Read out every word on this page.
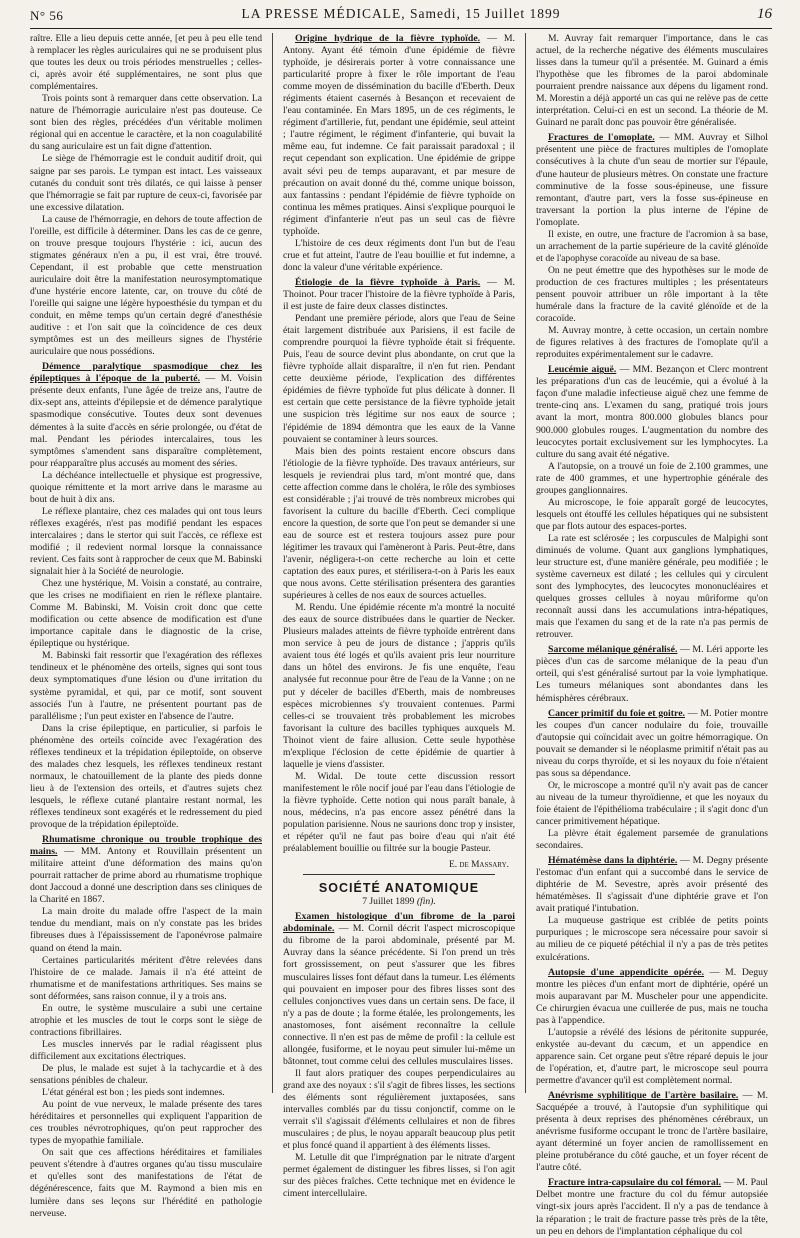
N° 56	LA PRESSE MÉDICALE, Samedi, 15 Juillet 1899	16

raître. Elle a lieu depuis cette année, [et peu à peu elle tend à remplacer les règles auriculaires qui ne se produisent plus que toutes les deux ou trois périodes menstruelles ; celles-ci, après avoir été supplémentaires, ne sont plus que complémentaires.

Trois points sont à remarquer dans cette observation. La nature de l'hémorragie auriculaire n'est pas douteuse. Ce sont bien des règles, précédées d'un véritable molimen régional qui en accentue le caractère, et la non coagulabilité du sang auriculaire est un fait digne d'attention.

Le siège de l'hémorragie est le conduit auditif droit, qui saigne par ses parois. Le tympan est intact. Les vaisseaux cutanés du conduit sont très dilatés, ce qui laisse à penser que l'hémorragie se fait par rupture de ceux-ci, favorisée par une excessive dilatation.

La cause de l'hémorragie, en dehors de toute affection de l'oreille, est difficile à déterminer. Dans les cas de ce genre, on trouve presque toujours l'hystérie : ici, aucun des stigmates généraux n'en a pu, il est vrai, être trouvé. Cependant, il est probable que cette menstruation auriculaire doit être la manifestation neurosymptomatique d'une hystérie encore latente, car, on trouve du côté de l'oreille qui saigne une légère hypoesthésie du tympan et du conduit, en même temps qu'un certain degré d'anesthésie auditive : et l'on sait que la coïncidence de ces deux symptômes est un des meilleurs signes de l'hystérie auriculaire que nous possédions.

Démence paralytique spasmodique chez les épileptiques à l'époque de la puberté. — M. Voisin présente deux enfants, l'une âgée de treize ans, l'autre de dix-sept ans, atteints d'épilepsie et de démence paralytique spasmodique consécutive. Toutes deux sont devenues démentes à la suite d'accès en série prolongée, ou d'état de mal. Pendant les périodes intercalaires, tous les symptômes s'amendent sans disparaître complètement, pour réapparaître plus accusés au moment des séries.

La déchéance intellectuelle et physique est progressive, quoique rémittente et la mort arrive dans le marasme au bout de huit à dix ans.

Le réflexe plantaire, chez ces malades qui ont tous leurs réflexes exagérés, n'est pas modifié pendant les espaces intercalaires ; dans le stertor qui suit l'accès, ce réflexe est modifié ; il redevient normal lorsque la connaissance revient. Ces faits sont à rapprocher de ceux que M. Babinski signalait hier à la Société de neurologie.

Chez une hystérique, M. Voisin a constaté, au contraire, que les crises ne modifiaient en rien le réflexe plantaire. Comme M. Babinski, M. Voisin croit donc que cette modification ou cette absence de modification est d'une importance capitale dans le diagnostic de la crise, épileptique ou hystérique.

M. Babinski fait ressortir que l'exagération des réflexes tendineux et le phénomène des orteils, signes qui sont tous deux symptomatiques d'une lésion ou d'une irritation du système pyramidal, et qui, par ce motif, sont souvent associés l'un à l'autre, ne présentent pourtant pas de parallélisme ; l'un peut exister en l'absence de l'autre.

Dans la crise épileptique, en particulier, si parfois le phénomène des orteils coïncide avec l'exagération des réflexes tendineux et la trépidation épileptoïde, on observe des malades chez lesquels, les réflexes tendineux restant normaux, le chatouillement de la plante des pieds donne lieu à de l'extension des orteils, et d'autres sujets chez lesquels, le réflexe cutané plantaire restant normal, les réflexes tendineux sont exagérés et le redressement du pied provoque de la trépidation épileptoïde.

Rhumatisme chronique ou trouble trophique des mains. — MM. Antony et Rouvillain présentent un militaire atteint d'une déformation des mains qu'on pourrait rattacher de prime abord au rhumatisme trophique dont Jaccoud a donné une description dans ses cliniques de la Charité en 1867.

La main droite du malade offre l'aspect de la main tendue du mendiant, mais on n'y constate pas les brides fibreuses dues à l'épaississement de l'aponévrose palmaire quand on étend la main.

Certaines particularités méritent d'être relevées dans l'histoire de ce malade. Jamais il n'a été atteint de rhumatisme et de manifestations arthritiques. Ses mains se sont déformées, sans raison connue, il y a trois ans.

En outre, le système musculaire a subi une certaine atrophie et les muscles de tout le corps sont le siège de contractions fibrillaires.

Les muscles innervés par le radial réagissent plus difficilement aux excitations électriques.

De plus, le malade est sujet à la tachycardie et à des sensations pénibles de chaleur.

L'état général est bon ; les pieds sont indemnes.

Au point de vue nerveux, le malade présente des tares héréditaires et personnelles qui expliquent l'apparition de ces troubles névrotrophiques, qu'on peut rapprocher des types de myopathie familiale.

On sait que ces affections héréditaires et familiales peuvent s'étendre à d'autres organes qu'au tissu musculaire et qu'elles sont des manifestations de l'état de dégénérescence, faits que M. Raymond a bien mis en lumière dans ses leçons sur l'hérédité en pathologie nerveuse.

Origine hydrique de la fièvre typhoïde. — M. Antony. Ayant été témoin d'une épidémie de fièvre typhoïde, je désirerais porter à votre connaissance une particularité propre à fixer le rôle important de l'eau comme moyen de dissémination du bacille d'Eberth. Deux régiments étaient casernés à Besançon et recevaient de l'eau contaminée. En Mars 1895, un de ces régiments, le régiment d'artillerie, fut, pendant une épidémie, seul atteint ; l'autre régiment, le régiment d'infanterie, qui buvait la même eau, fut indemne. Ce fait paraissait paradoxal ; il reçut cependant son explication. Une épidémie de grippe avait sévi peu de temps auparavant, et par mesure de précaution on avait donné du thé, comme unique boisson, aux fantassins : pendant l'épidémie de fièvre typhoïde on continua les mêmes pratiques. Ainsi s'explique pourquoi le régiment d'infanterie n'eut pas un seul cas de fièvre typhoïde.

L'histoire de ces deux régiments dont l'un but de l'eau crue et fut atteint, l'autre de l'eau bouillie et fut indemne, a donc la valeur d'une véritable expérience.

Étiologie de la fièvre typhoïde à Paris. — M. Thoinot. Pour tracer l'histoire de la fièvre typhoïde à Paris, il est juste de faire deux classes distinctes.

Pendant une première période, alors que l'eau de Seine était largement distribuée aux Parisiens, il est facile de comprendre pourquoi la fièvre typhoïde était si fréquente. Puis, l'eau de source devint plus abondante, on crut que la fièvre typhoïde allait disparaître, il n'en fut rien. Pendant cette deuxième période, l'explication des différentes épidémies de fièvre typhoïde fut plus délicate à donner. Il est certain que cette persistance de la fièvre typhoïde jetait une suspicion très légitime sur nos eaux de source ; l'épidémie de 1894 démontra que les eaux de la Vanne pouvaient se contaminer à leurs sources.

Mais bien des points restaient encore obscurs dans l'étiologie de la fièvre typhoïde. Des travaux antérieurs, sur lesquels je reviendrai plus tard, m'ont montré que, dans cette affection comme dans le choléra, le rôle des symbioses est considérable ; j'ai trouvé de très nombreux microbes qui favorisent la culture du bacille d'Eberth. Ceci complique encore la question, de sorte que l'on peut se demander si une eau de source est et restera toujours assez pure pour légitimer les travaux qui l'amèneront à Paris. Peut-être, dans l'avenir, négligera-t-on cette recherche au loin et cette captation des eaux pures, et stérilisera-t-on à Paris les eaux que nous avons. Cette stérilisation présentera des garanties supérieures à celles de nos eaux de sources actuelles.

M. Rendu. Une épidémie récente m'a montré la nocuité des eaux de source distribuées dans le quartier de Necker. Plusieurs malades atteints de fièvre typhoïde entrèrent dans mon service à peu de jours de distance ; j'appris qu'ils avaient tous été logés et qu'ils avaient pris leur nourriture dans un hôtel des environs. Je fis une enquête, l'eau analysée fut reconnue pour être de l'eau de la Vanne ; on ne put y déceler de bacilles d'Eberth, mais de nombreuses espèces microbiennes s'y trouvaient contenues. Parmi celles-ci se trouvaient très probablement les microbes favorisant la culture des bacilles typhiques auxquels M. Thoinot vient de faire allusion. Cette seule hypothèse m'explique l'éclosion de cette épidémie de quartier à laquelle je viens d'assister.

M. Widal. De toute cette discussion ressort manifestement le rôle nocif joué par l'eau dans l'étiologie de la fièvre typhoïde. Cette notion qui nous paraît banale, à nous, médecins, n'a pas encore assez pénétré dans la population parisienne. Nous ne saurions donc trop y insister, et répéter qu'il ne faut pas boire d'eau qui n'ait été préalablement bouillie ou filtrée sur la bougie Pasteur.

E. de Massary.
SOCIÉTÉ ANATOMIQUE
7 Juillet 1899 (fin).
Examen histologique d'un fibrome de la paroi abdominale. — M. Cornil décrit l'aspect microscopique du fibrome de la paroi abdominale, présenté par M. Auvray dans la séance précédente. Si l'on prend un très fort grossissement, on peut s'assurer que les fibres musculaires lisses font défaut dans la tumeur. Les éléments qui pouvaient en imposer pour des fibres lisses sont des cellules conjonctives vues dans un certain sens. De face, il n'y a pas de doute ; la forme étalée, les prolongements, les anastomoses, font aisément reconnaître la cellule connective. Il n'en est pas de même de profil : la cellule est allongée, fusiforme, et le noyau peut simuler lui-même un bâtonnet, tout comme celui des cellules musculaires lisses.

Il faut alors pratiquer des coupes perpendiculaires au grand axe des noyaux : s'il s'agit de fibres lisses, les sections des éléments sont régulièrement juxtaposées, sans intervalles comblés par du tissu conjonctif, comme on le verrait s'il s'agissait d'éléments cellulaires et non de fibres musculaires ; de plus, le noyau apparaît beaucoup plus petit et plus foncé quand il appartient à des éléments lisses.

M. Letulle dit que l'imprégnation par le nitrate d'argent permet également de distinguer les fibres lisses, si l'on agit sur des pièces fraîches. Cette technique met en évidence le ciment intercellulaire.

M. Auvray fait remarquer l'importance, dans le cas actuel, de la recherche négative des éléments musculaires lisses dans la tumeur qu'il a présentée. M. Guinard a émis l'hypothèse que les fibromes de la paroi abdominale pourraient prendre naissance aux dépens du ligament rond. M. Morestin a déjà apporté un cas qui ne relève pas de cette interprétation. Celui-ci en est un second. La théorie de M. Guinard ne paraît donc pas pouvoir être généralisée.

Fractures de l'omoplate. — MM. Auvray et Silhol présentent une pièce de fractures multiples de l'omoplate consécutives à la chute d'un seau de mortier sur l'épaule, d'une hauteur de plusieurs mètres. On constate une fracture comminutive de la fosse sous-épineuse, une fissure remontant, d'autre part, vers la fosse sus-épineuse en traversant la portion la plus interne de l'épine de l'omoplate.

Il existe, en outre, une fracture de l'acromion à sa base, un arrachement de la partie supérieure de la cavité glénoïde et de l'apophyse coracoïde au niveau de sa base.

On ne peut émettre que des hypothèses sur le mode de production de ces fractures multiples ; les présentateurs pensent pouvoir attribuer un rôle important à la tête humérale dans la fracture de la cavité glénoïde et de la coracoïde.

M. Auvray montre, à cette occasion, un certain nombre de figures relatives à des fractures de l'omoplate qu'il a reproduites expérimentalement sur le cadavre.

Leucémie aiguë. — MM. Bezançon et Clerc montrent les préparations d'un cas de leucémie, qui a évolué à la façon d'une maladie infectieuse aiguë chez une femme de trente-cinq ans. L'examen du sang, pratiqué trois jours avant la mort, montra 800.000 globules blancs pour 900.000 globules rouges. L'augmentation du nombre des leucocytes portait exclusivement sur les lymphocytes. La culture du sang avait été négative.

A l'autopsie, on a trouvé un foie de 2.100 grammes, une rate de 400 grammes, et une hypertrophie générale des groupes ganglionnaires.

Au microscope, le foie apparaît gorgé de leucocytes, lesquels ont étouffé les cellules hépatiques qui ne subsistent que par flots autour des espaces-portes.

La rate est sclérosée ; les corpuscules de Malpighi sont diminués de volume. Quant aux ganglions lymphatiques, leur structure est, d'une manière générale, peu modifiée ; le système caverneux est dilaté ; les cellules qui y circulent sont des lymphocytes, des leucocytes mononucléaires et quelques grosses cellules à noyau mûriforme qu'on reconnaît aussi dans les accumulations intra-hépatiques, mais que l'examen du sang et de la rate n'a pas permis de retrouver.

Sarcome mélanique généralisé. — M. Léri apporte les pièces d'un cas de sarcome mélanique de la peau d'un orteil, qui s'est généralisé surtout par la voie lymphatique. Les tumeurs mélaniques sont abondantes dans les hémisphères cérébraux.
Cancer primitif du foie et goitre. — M. Potier montre les coupes d'un cancer nodulaire du foie, trouvaille d'autopsie qui coïncidait avec un goitre hémorragique. On pouvait se demander si le néoplasme primitif n'était pas au niveau du corps thyroïde, et si les noyaux du foie n'étaient pas sous sa dépendance.

Or, le microscope a montré qu'il n'y avait pas de cancer au niveau de la tumeur thyroïdienne, et que les noyaux du foie étaient de l'épithélioma trabéculaire ; il s'agit donc d'un cancer primitivement hépatique.

La plèvre était également parsemée de granulations secondaires.

Hématémèse dans la diphtérie. — M. Degny présente l'estomac d'un enfant qui a succombé dans le service de diphtérie de M. Sevestre, après avoir présenté des hématémèses. Il s'agissait d'une diphtérie grave et l'on avait pratiqué l'intubation.

La muqueuse gastrique est criblée de petits points purpuriques ; le microscope sera nécessaire pour savoir si au milieu de ce piqueté pétéchial il n'y a pas de très petites exulcérations.

Autopsie d'une appendicite opérée. — M. Deguy montre les pièces d'un enfant mort de diphtérie, opéré un mois auparavant par M. Muscheler pour une appendicite. Ce chirurgien évacua une cuillerée de pus, mais ne toucha pas à l'appendice.

L'autopsie a révélé des lésions de péritonite suppurée, enkystée au-devant du cæcum, et un appendice en apparence sain. Cet organe peut s'être réparé depuis le jour de l'opération, et, d'autre part, le microscope seul pourra permettre d'avancer qu'il est complètement normal.

Anévrisme syphilitique de l'artère basilaire. — M. Sacquépée a trouvé, à l'autopsie d'un syphilitique qui présenta à deux reprises des phénomènes cérébraux, un anévrisme fusiforme occupant le tronc de l'artère basilaire, ayant déterminé un foyer ancien de ramollissement en pleine protubérance du côté gauche, et un foyer récent de l'autre côté.
Fracture intra-capsulaire du col fémoral. — M. Paul Delbet montre une fracture du col du fémur autopsiée vingt-six jours après l'accident. Il n'y a pas de tendance à la réparation ; le trait de fracture passe très près de la tête, un peu en dehors de l'implantation céphalique du col
